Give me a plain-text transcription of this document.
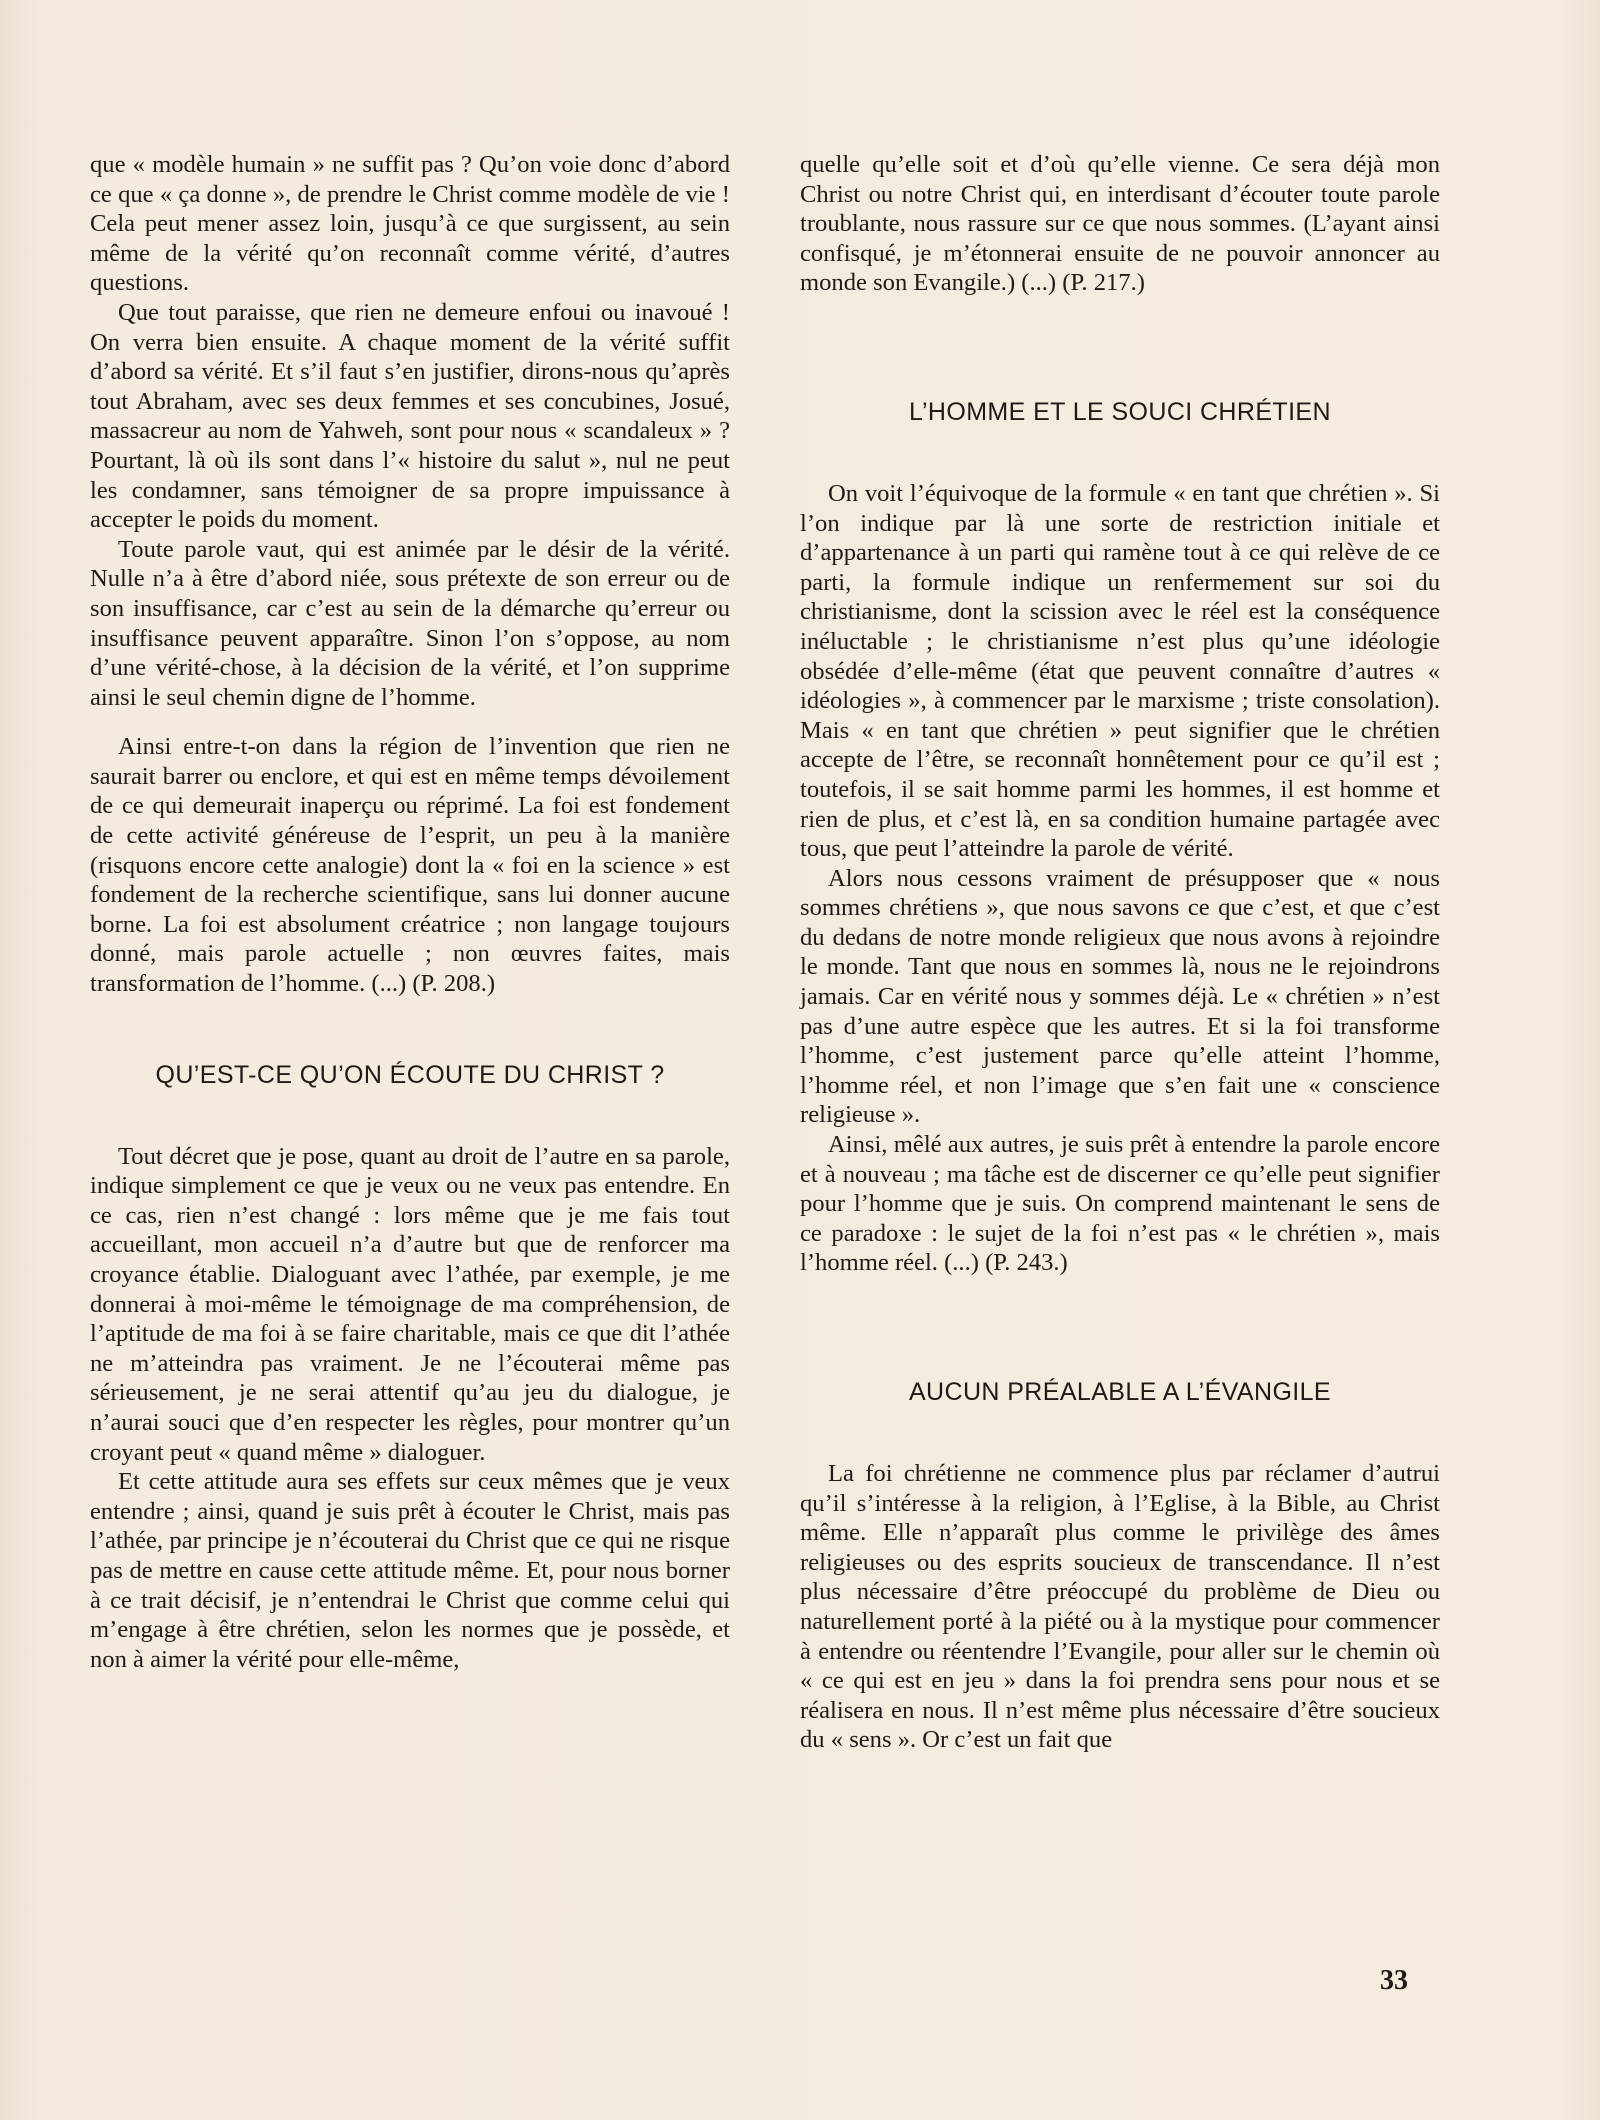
que « modèle humain » ne suffit pas ? Qu’on voie donc d’abord ce que « ça donne », de prendre le Christ comme modèle de vie ! Cela peut mener assez loin, jusqu’à ce que surgissent, au sein même de la vérité qu’on reconnaît comme vérité, d’autres questions.

Que tout paraisse, que rien ne demeure enfoui ou inavoué ! On verra bien ensuite. A chaque moment de la vérité suffit d’abord sa vérité. Et s’il faut s’en justifier, dirons-nous qu’après tout Abraham, avec ses deux femmes et ses concubines, Josué, massacreur au nom de Yahweh, sont pour nous « scandaleux » ? Pourtant, là où ils sont dans l’« histoire du salut », nul ne peut les condamner, sans témoigner de sa propre impuissance à accepter le poids du moment.

Toute parole vaut, qui est animée par le désir de la vérité. Nulle n’a à être d’abord niée, sous prétexte de son erreur ou de son insuffisance, car c’est au sein de la démarche qu’erreur ou insuffisance peuvent apparaître. Sinon l’on s’oppose, au nom d’une vérité-chose, à la décision de la vérité, et l’on supprime ainsi le seul chemin digne de l’homme.

Ainsi entre-t-on dans la région de l’invention que rien ne saurait barrer ou enclore, et qui est en même temps dévoilement de ce qui demeurait inaperçu ou réprimé. La foi est fondement de cette activité généreuse de l’esprit, un peu à la manière (risquons encore cette analogie) dont la « foi en la science » est fondement de la recherche scientifique, sans lui donner aucune borne. La foi est absolument créatrice ; non langage toujours donné, mais parole actuelle ; non œuvres faites, mais transformation de l’homme. (...) (P. 208.)

QU’EST-CE QU’ON ÉCOUTE DU CHRIST ?

Tout décret que je pose, quant au droit de l’autre en sa parole, indique simplement ce que je veux ou ne veux pas entendre. En ce cas, rien n’est changé : lors même que je me fais tout accueillant, mon accueil n’a d’autre but que de renforcer ma croyance établie. Dialoguant avec l’athée, par exemple, je me donnerai à moi-même le témoignage de ma compréhension, de l’aptitude de ma foi à se faire charitable, mais ce que dit l’athée ne m’atteindra pas vraiment. Je ne l’écouterai même pas sérieusement, je ne serai attentif qu’au jeu du dialogue, je n’aurai souci que d’en respecter les règles, pour montrer qu’un croyant peut « quand même » dialoguer.

Et cette attitude aura ses effets sur ceux mêmes que je veux entendre ; ainsi, quand je suis prêt à écouter le Christ, mais pas l’athée, par principe je n’écouterai du Christ que ce qui ne risque pas de mettre en cause cette attitude même. Et, pour nous borner à ce trait décisif, je n’entendrai le Christ que comme celui qui m’engage à être chrétien, selon les normes que je possède, et non à aimer la vérité pour elle-même,

quelle qu’elle soit et d’où qu’elle vienne. Ce sera déjà mon Christ ou notre Christ qui, en interdisant d’écouter toute parole troublante, nous rassure sur ce que nous sommes. (L’ayant ainsi confisqué, je m’étonnerai ensuite de ne pouvoir annoncer au monde son Evangile.) (...) (P. 217.)

L’HOMME ET LE SOUCI CHRÉTIEN

On voit l’équivoque de la formule « en tant que chrétien ». Si l’on indique par là une sorte de restriction initiale et d’appartenance à un parti qui ramène tout à ce qui relève de ce parti, la formule indique un renfermement sur soi du christianisme, dont la scission avec le réel est la conséquence inéluctable ; le christianisme n’est plus qu’une idéologie obsédée d’elle-même (état que peuvent connaître d’autres « idéologies », à commencer par le marxisme ; triste consolation). Mais « en tant que chrétien » peut signifier que le chrétien accepte de l’être, se reconnaît honnêtement pour ce qu’il est ; toutefois, il se sait homme parmi les hommes, il est homme et rien de plus, et c’est là, en sa condition humaine partagée avec tous, que peut l’atteindre la parole de vérité.

Alors nous cessons vraiment de présupposer que « nous sommes chrétiens », que nous savons ce que c’est, et que c’est du dedans de notre monde religieux que nous avons à rejoindre le monde. Tant que nous en sommes là, nous ne le rejoindrons jamais. Car en vérité nous y sommes déjà. Le « chrétien » n’est pas d’une autre espèce que les autres. Et si la foi transforme l’homme, c’est justement parce qu’elle atteint l’homme, l’homme réel, et non l’image que s’en fait une « conscience religieuse ».

Ainsi, mêlé aux autres, je suis prêt à entendre la parole encore et à nouveau ; ma tâche est de discerner ce qu’elle peut signifier pour l’homme que je suis. On comprend maintenant le sens de ce paradoxe : le sujet de la foi n’est pas « le chrétien », mais l’homme réel. (...) (P. 243.)

AUCUN PRÉALABLE A L’ÉVANGILE

La foi chrétienne ne commence plus par réclamer d’autrui qu’il s’intéresse à la religion, à l’Eglise, à la Bible, au Christ même. Elle n’apparaît plus comme le privilège des âmes religieuses ou des esprits soucieux de transcendance. Il n’est plus nécessaire d’être préoccupé du problème de Dieu ou naturellement porté à la piété ou à la mystique pour commencer à entendre ou réentendre l’Evangile, pour aller sur le chemin où « ce qui est en jeu » dans la foi prendra sens pour nous et se réalisera en nous. Il n’est même plus nécessaire d’être soucieux du « sens ». Or c’est un fait que

33
